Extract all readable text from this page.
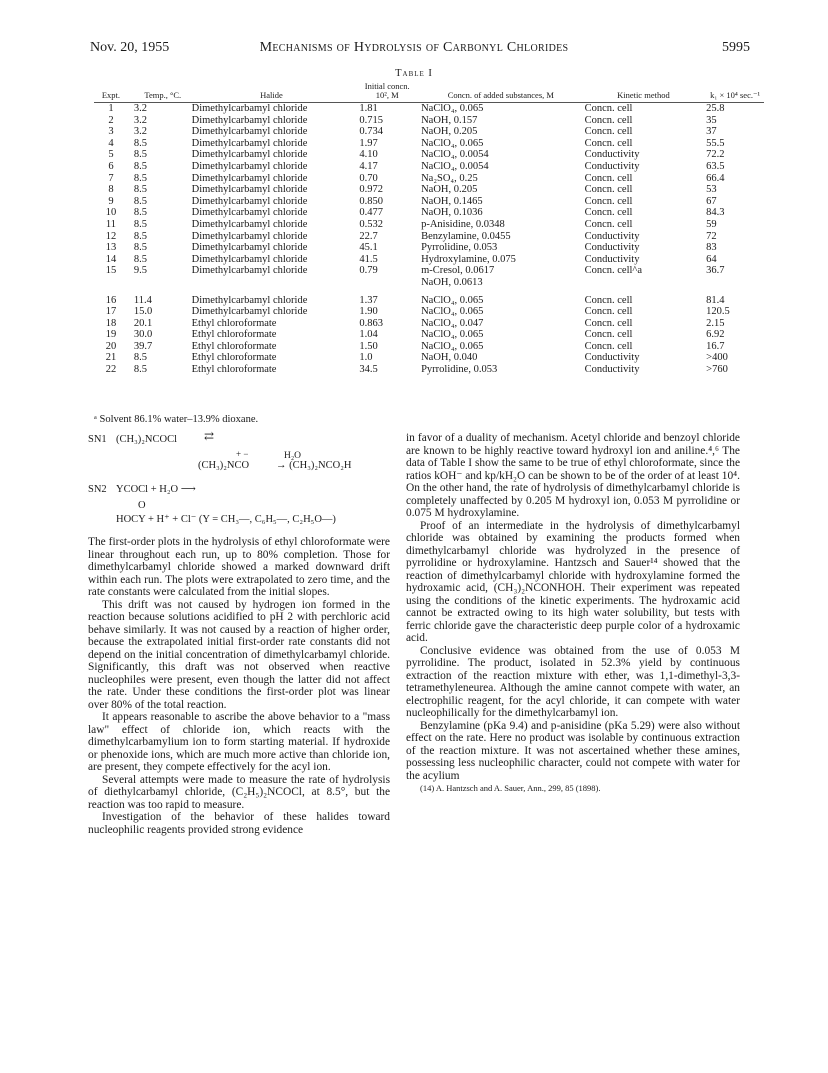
Nov. 20, 1955	Mechanisms of Hydrolysis of Carbonyl Chlorides	5995
Table I
Expt.	Temp., °C.	Halide	Initial concn. 10², M	Concn. of added substances, M	Kinetic method	k₁ × 10⁴ sec.⁻¹
1	3.2	Dimethylcarbamyl chloride	1.81	NaClO₄, 0.065	Concn. cell	25.8
2	3.2	Dimethylcarbamyl chloride	0.715	NaOH, 0.157	Concn. cell	35
3	3.2	Dimethylcarbamyl chloride	0.734	NaOH, 0.205	Concn. cell	37
4	8.5	Dimethylcarbamyl chloride	1.97	NaClO₄, 0.065	Concn. cell	55.5
5	8.5	Dimethylcarbamyl chloride	4.10	NaClO₄, 0.0054	Conductivity	72.2
6	8.5	Dimethylcarbamyl chloride	4.17	NaClO₄, 0.0054	Conductivity	63.5
7	8.5	Dimethylcarbamyl chloride	0.70	Na₂SO₄, 0.25	Concn. cell	66.4
8	8.5	Dimethylcarbamyl chloride	0.972	NaOH, 0.205	Concn. cell	53
9	8.5	Dimethylcarbamyl chloride	0.850	NaOH, 0.1465	Concn. cell	67
10	8.5	Dimethylcarbamyl chloride	0.477	NaOH, 0.1036	Concn. cell	84.3
11	8.5	Dimethylcarbamyl chloride	0.532	p-Anisidine, 0.0348	Concn. cell	59
12	8.5	Dimethylcarbamyl chloride	22.7	Benzylamine, 0.0455	Conductivity	72
13	8.5	Dimethylcarbamyl chloride	45.1	Pyrrolidine, 0.053	Conductivity	83
14	8.5	Dimethylcarbamyl chloride	41.5	Hydroxylamine, 0.075	Conductivity	64
15	9.5	Dimethylcarbamyl chloride	0.79	m-Cresol, 0.0617	Concn. cell^a	36.7
				NaOH, 0.0613		
16	11.4	Dimethylcarbamyl chloride	1.37	NaClO₄, 0.065	Concn. cell	81.4
17	15.0	Dimethylcarbamyl chloride	1.90	NaClO₄, 0.065	Concn. cell	120.5
18	20.1	Ethyl chloroformate	0.863	NaClO₄, 0.047	Concn. cell	2.15
19	30.0	Ethyl chloroformate	1.04	NaClO₄, 0.065	Concn. cell	6.92
20	39.7	Ethyl chloroformate	1.50	NaClO₄, 0.065	Concn. cell	16.7
21	8.5	Ethyl chloroformate	1.0	NaOH, 0.040	Conductivity	>400
22	8.5	Ethyl chloroformate	34.5	Pyrrolidine, 0.053	Conductivity	>760
ᵃ Solvent 86.1% water–13.9% dioxane.
SN1 (CH₃)₂NCOCl ⇄
+ −
(CH₃)₂NCO
H₂O
→ (CH₃)₂NCO₂H
SN2 YCOCl + H₂O ⟶
O
HOCY + H⁺ + Cl⁻ (Y = CH₃—, C₆H₅—, C₂H₅O—)

The first-order plots in the hydrolysis of ethyl chloroformate were linear throughout each run, up to 80% completion. Those for dimethylcarbamyl chloride showed a marked downward drift within each run. The plots were extrapolated to zero time, and the rate constants were calculated from the initial slopes.

This drift was not caused by hydrogen ion formed in the reaction because solutions acidified to pH 2 with perchloric acid behave similarly. It was not caused by a reaction of higher order, because the extrapolated initial first-order rate constants did not depend on the initial concentration of dimethylcarbamyl chloride. Significantly, this draft was not observed when reactive nucleophiles were present, even though the latter did not affect the rate. Under these conditions the first-order plot was linear over 80% of the total reaction.

It appears reasonable to ascribe the above behavior to a "mass law" effect of chloride ion, which reacts with the dimethylcarbamylium ion to form starting material. If hydroxide or phenoxide ions, which are much more active than chloride ion, are present, they compete effectively for the acyl ion.

Several attempts were made to measure the rate of hydrolysis of diethylcarbamyl chloride, (C₂H₅)₂NCOCl, at 8.5°, but the reaction was too rapid to measure.

Investigation of the behavior of these halides toward nucleophilic reagents provided strong evidence

in favor of a duality of mechanism. Acetyl chloride and benzoyl chloride are known to be highly reactive toward hydroxyl ion and aniline.⁴,⁶ The data of Table I show the same to be true of ethyl chloroformate, since the ratios kOH⁻ and kp/kH₂O can be shown to be of the order of at least 10⁴. On the other hand, the rate of hydrolysis of dimethylcarbamyl chloride is completely unaffected by 0.205 M hydroxyl ion, 0.053 M pyrrolidine or 0.075 M hydroxylamine.

Proof of an intermediate in the hydrolysis of dimethylcarbamyl chloride was obtained by examining the products formed when dimethylcarbamyl chloride was hydrolyzed in the presence of pyrrolidine or hydroxylamine. Hantzsch and Sauer¹⁴ showed that the reaction of dimethylcarbamyl chloride with hydroxylamine formed the hydroxamic acid, (CH₃)₂NCONHOH. Their experiment was repeated using the conditions of the kinetic experiments. The hydroxamic acid cannot be extracted owing to its high water solubility, but tests with ferric chloride gave the characteristic deep purple color of a hydroxamic acid.

Conclusive evidence was obtained from the use of 0.053 M pyrrolidine. The product, isolated in 52.3% yield by continuous extraction of the reaction mixture with ether, was 1,1-dimethyl-3,3-tetramethyleneurea. Although the amine cannot compete with water, an electrophilic reagent, for the acyl chloride, it can compete with water nucleophilically for the dimethylcarbamyl ion.

Benzylamine (pKa 9.4) and p-anisidine (pKa 5.29) were also without effect on the rate. Here no product was isolable by continuous extraction of the reaction mixture. It was not ascertained whether these amines, possessing less nucleophilic character, could not compete with water for the acylium

(14) A. Hantzsch and A. Sauer, Ann., 299, 85 (1898).
